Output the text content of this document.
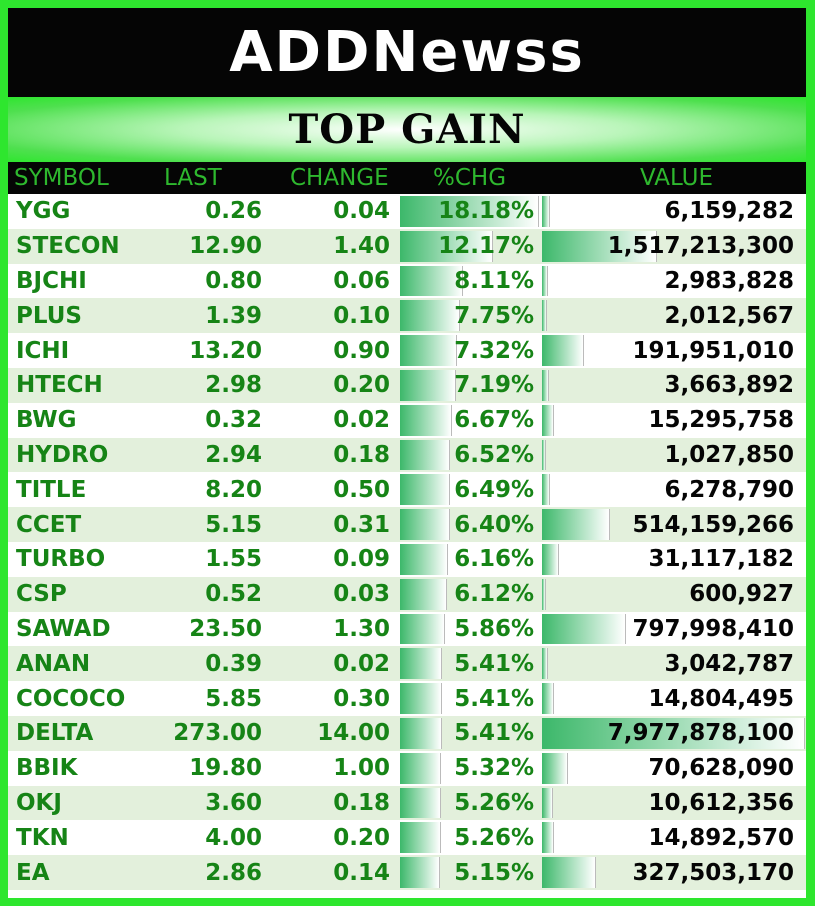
ADDNewss
TOP GAIN
SYMBOL	LAST	CHANGE	%CHG	VALUE
YGG	0.26	0.04	18.18%	6,159,282
STECON	12.90	1.40	12.17%	1,517,213,300
BJCHI	0.80	0.06	8.11%	2,983,828
PLUS	1.39	0.10	7.75%	2,012,567
ICHI	13.20	0.90	7.32%	191,951,010
HTECH	2.98	0.20	7.19%	3,663,892
BWG	0.32	0.02	6.67%	15,295,758
HYDRO	2.94	0.18	6.52%	1,027,850
TITLE	8.20	0.50	6.49%	6,278,790
CCET	5.15	0.31	6.40%	514,159,266
TURBO	1.55	0.09	6.16%	31,117,182
CSP	0.52	0.03	6.12%	600,927
SAWAD	23.50	1.30	5.86%	797,998,410
ANAN	0.39	0.02	5.41%	3,042,787
COCOCO	5.85	0.30	5.41%	14,804,495
DELTA	273.00	14.00	5.41%	7,977,878,100
BBIK	19.80	1.00	5.32%	70,628,090
OKJ	3.60	0.18	5.26%	10,612,356
TKN	4.00	0.20	5.26%	14,892,570
EA	2.86	0.14	5.15%	327,503,170
